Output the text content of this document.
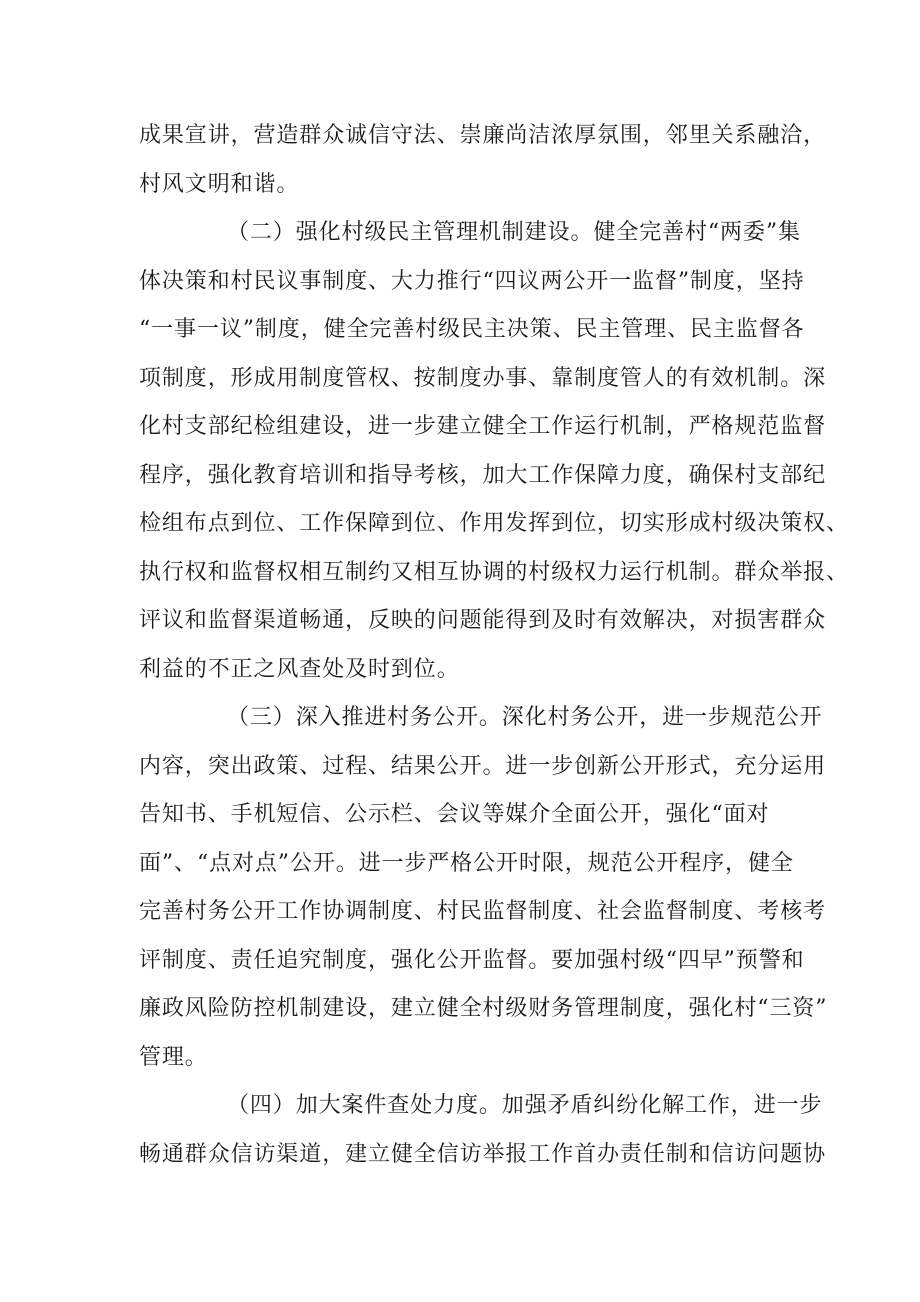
成果宣讲，营造群众诚信守法、崇廉尚洁浓厚氛围，邻里关系融洽，
村风文明和谐。
（二）强化村级民主管理机制建设。健全完善村“两委”集
体决策和村民议事制度、大力推行“四议两公开一监督”制度，坚持
“一事一议”制度，健全完善村级民主决策、民主管理、民主监督各
项制度，形成用制度管权、按制度办事、靠制度管人的有效机制。深
化村支部纪检组建设，进一步建立健全工作运行机制，严格规范监督
程序，强化教育培训和指导考核，加大工作保障力度，确保村支部纪
检组布点到位、工作保障到位、作用发挥到位，切实形成村级决策权、
执行权和监督权相互制约又相互协调的村级权力运行机制。群众举报、
评议和监督渠道畅通，反映的问题能得到及时有效解决，对损害群众
利益的不正之风查处及时到位。
（三）深入推进村务公开。深化村务公开，进一步规范公开
内容，突出政策、过程、结果公开。进一步创新公开形式，充分运用
告知书、手机短信、公示栏、会议等媒介全面公开，强化“面对
面”、“点对点”公开。进一步严格公开时限，规范公开程序，健全
完善村务公开工作协调制度、村民监督制度、社会监督制度、考核考
评制度、责任追究制度，强化公开监督。要加强村级“四早”预警和
廉政风险防控机制建设，建立健全村级财务管理制度，强化村“三资”
管理。
（四）加大案件查处力度。加强矛盾纠纷化解工作，进一步
畅通群众信访渠道，建立健全信访举报工作首办责任制和信访问题协
